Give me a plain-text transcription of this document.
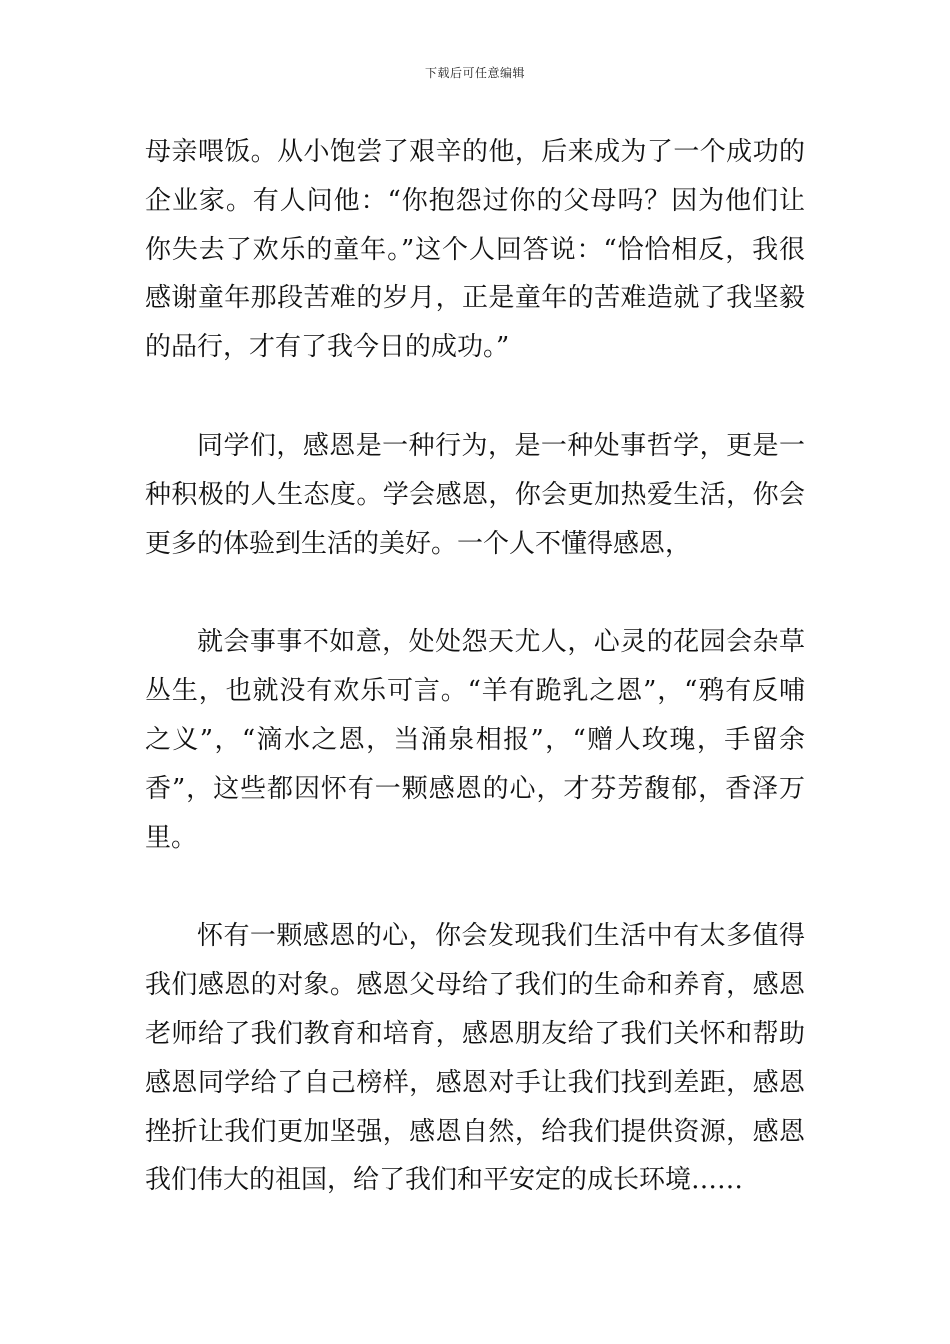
下载后可任意编辑

母亲喂饭。从小饱尝了艰辛的他，后来成为了一个成功的企业家。有人问他：“你抱怨过你的父母吗？因为他们让你失去了欢乐的童年。”这个人回答说：“恰恰相反，我很感谢童年那段苦难的岁月，正是童年的苦难造就了我坚毅的品行，才有了我今日的成功。”

同学们，感恩是一种行为，是一种处事哲学，更是一种积极的人生态度。学会感恩，你会更加热爱生活，你会更多的体验到生活的美好。一个人不懂得感恩，

就会事事不如意，处处怨天尤人，心灵的花园会杂草丛生，也就没有欢乐可言。“羊有跪乳之恩”，“鸦有反哺之义”，“滴水之恩，当涌泉相报”，“赠人玫瑰，手留余香”，这些都因怀有一颗感恩的心，才芬芳馥郁，香泽万里。

怀有一颗感恩的心，你会发现我们生活中有太多值得我们感恩的对象。感恩父母给了我们的生命和养育，感恩老师给了我们教育和培育，感恩朋友给了我们关怀和帮助感恩同学给了自己榜样，感恩对手让我们找到差距，感恩挫折让我们更加坚强，感恩自然，给我们提供资源，感恩我们伟大的祖国，给了我们和平安定的成长环境……
